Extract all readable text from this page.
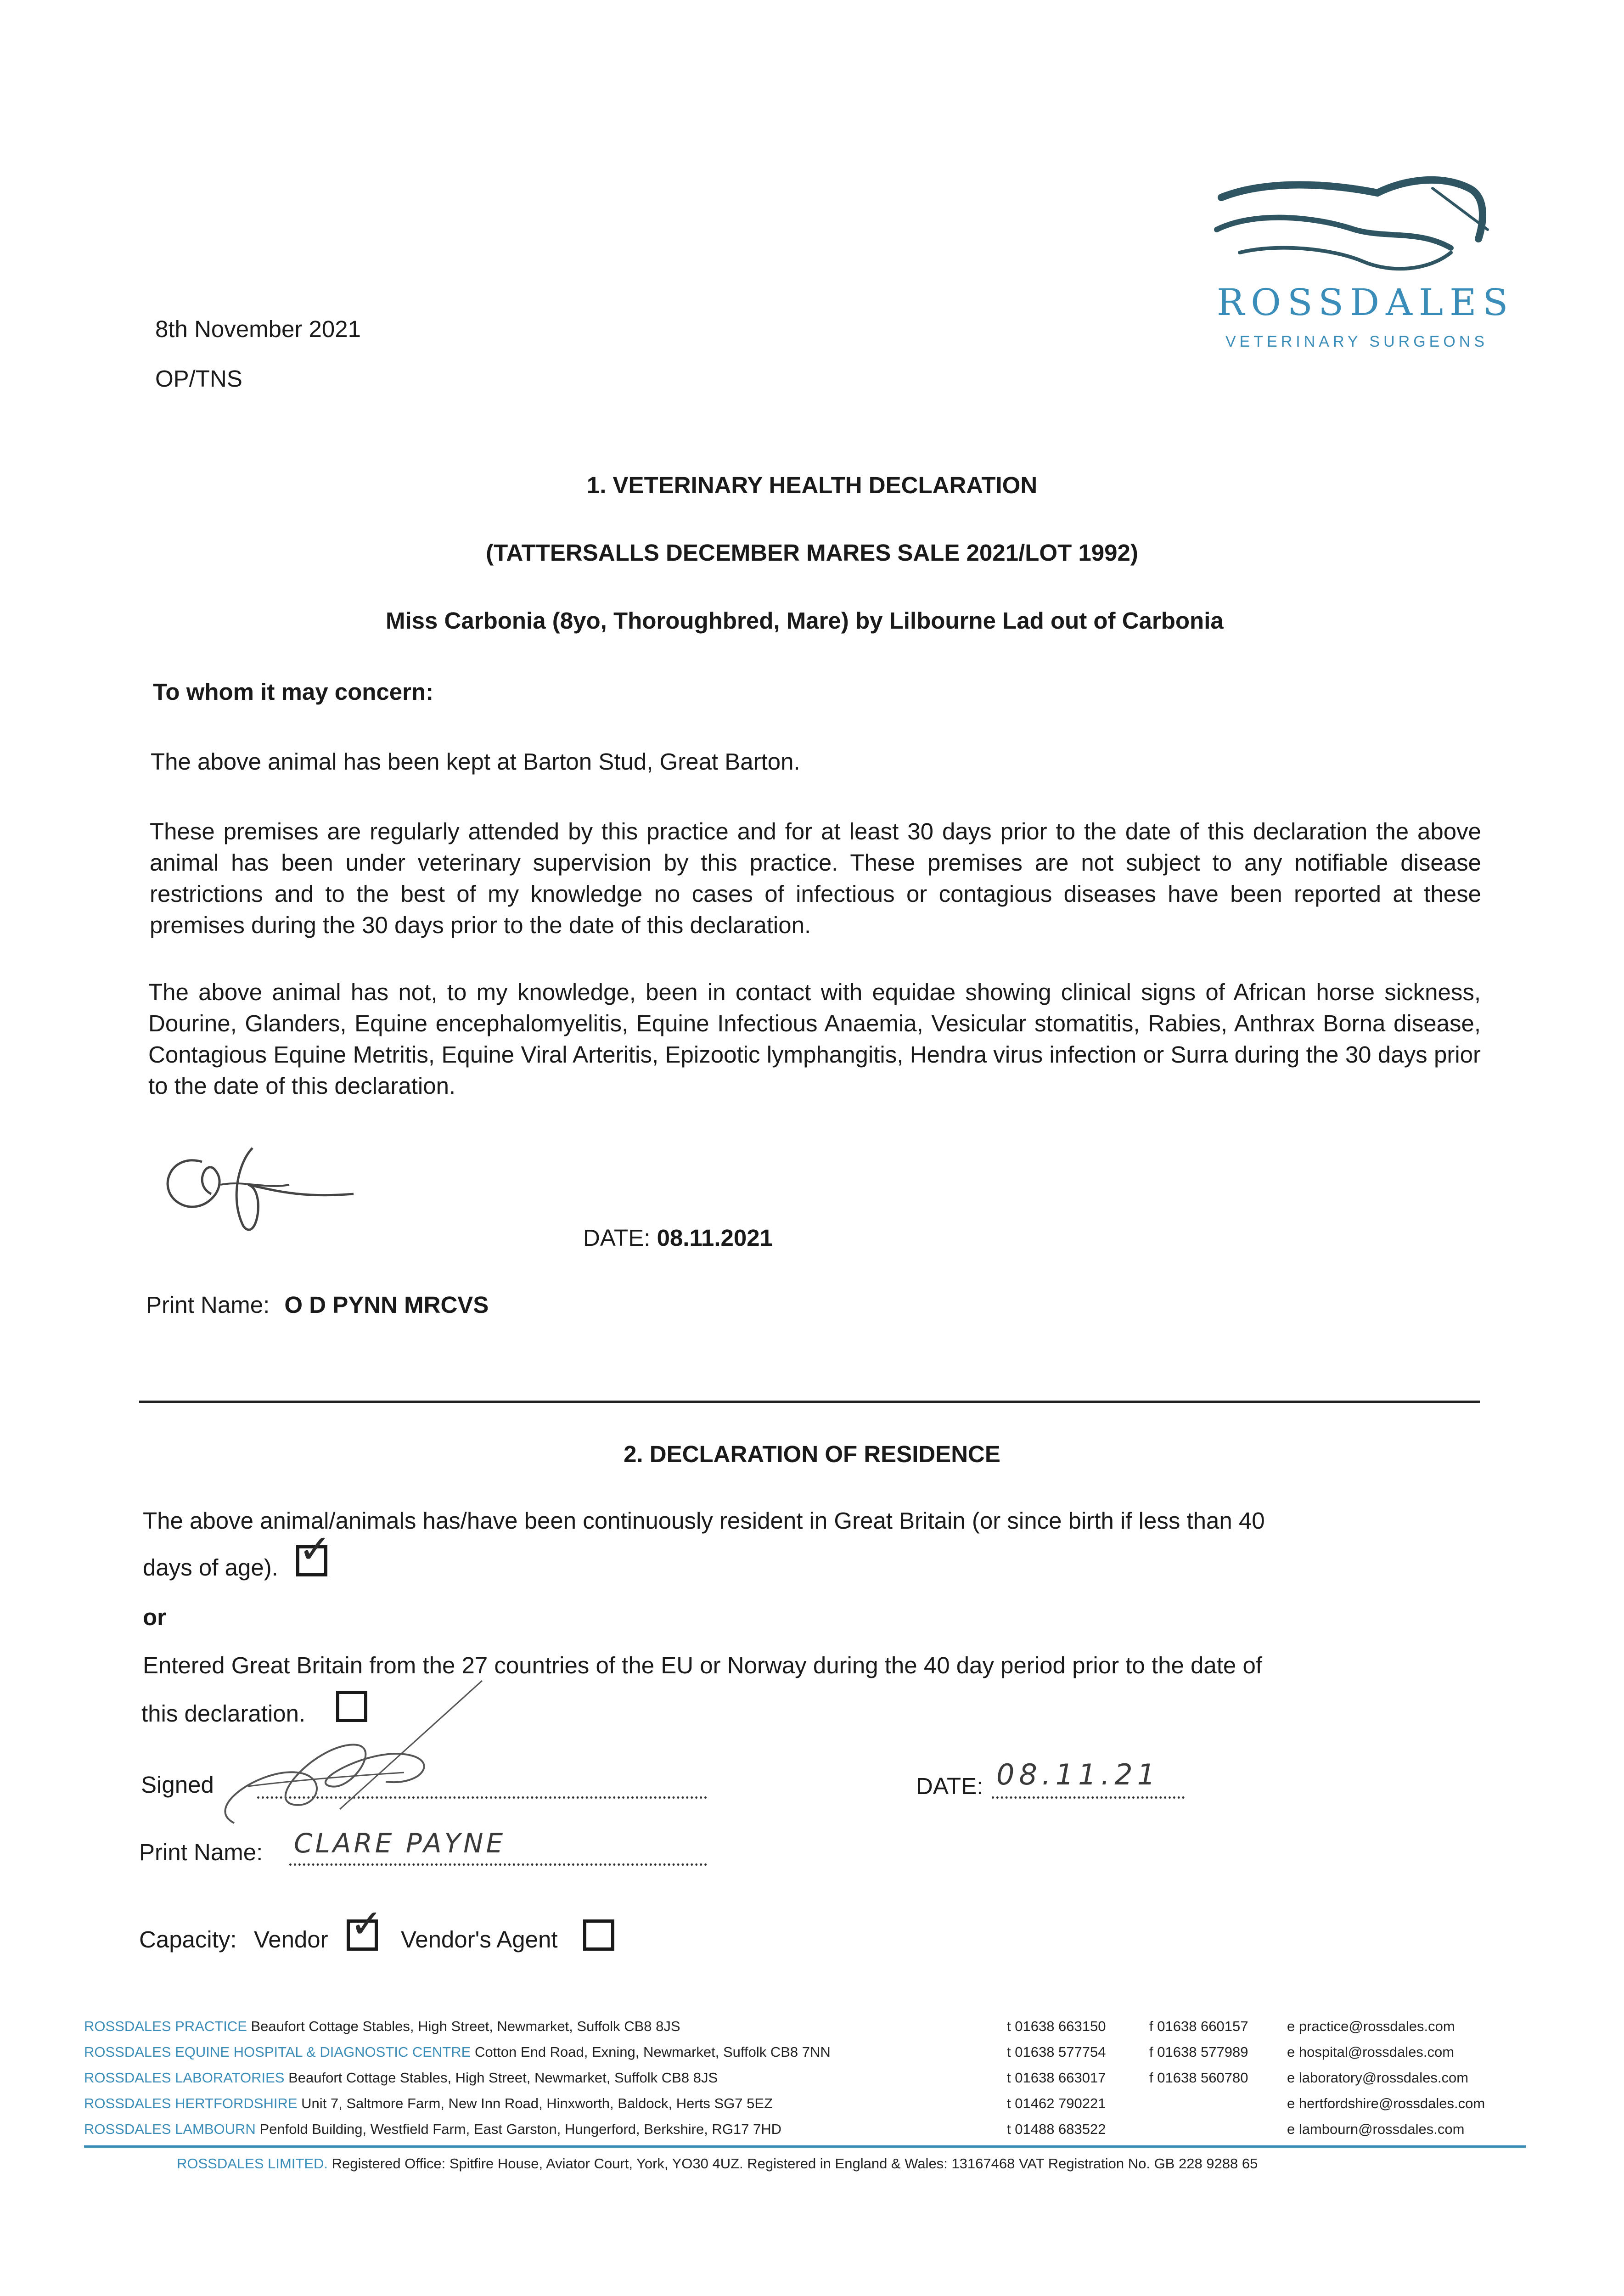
8th November 2021
OP/TNS
ROSSDALES
VETERINARY SURGEONS
1. VETERINARY HEALTH DECLARATION
(TATTERSALLS DECEMBER MARES SALE 2021/LOT 1992)
Miss Carbonia (8yo, Thoroughbred, Mare) by Lilbourne Lad out of Carbonia
To whom it may concern:
The above animal has been kept at Barton Stud, Great Barton.
These premises are regularly attended by this practice and for at least 30 days prior to the date of this declaration the above animal has been under veterinary supervision by this practice. These premises are not subject to any notifiable disease restrictions and to the best of my knowledge no cases of infectious or contagious diseases have been reported at these premises during the 30 days prior to the date of this declaration.
The above animal has not, to my knowledge, been in contact with equidae showing clinical signs of African horse sickness, Dourine, Glanders, Equine encephalomyelitis, Equine Infectious Anaemia, Vesicular stomatitis, Rabies, Anthrax Borna disease, Contagious Equine Metritis, Equine Viral Arteritis, Epizootic lymphangitis, Hendra virus infection or Surra during the 30 days prior to the date of this declaration.
DATE: 08.11.2021
Print Name: O D PYNN MRCVS
2. DECLARATION OF RESIDENCE
The above animal/animals has/have been continuously resident in Great Britain (or since birth if less than 40
days of age). ✓
or
Entered Great Britain from the 27 countries of the EU or Norway during the 40 day period prior to the date of
this declaration.
Signed	DATE: 08.11.21
Print Name: CLARE PAYNE
Capacity: Vendor ✓ Vendor's Agent
ROSSDALES PRACTICE Beaufort Cottage Stables, High Street, Newmarket, Suffolk CB8 8JS	t 01638 663150	f 01638 660157	e practice@rossdales.com
ROSSDALES EQUINE HOSPITAL & DIAGNOSTIC CENTRE Cotton End Road, Exning, Newmarket, Suffolk CB8 7NN	t 01638 577754	f 01638 577989	e hospital@rossdales.com
ROSSDALES LABORATORIES Beaufort Cottage Stables, High Street, Newmarket, Suffolk CB8 8JS	t 01638 663017	f 01638 560780	e laboratory@rossdales.com
ROSSDALES HERTFORDSHIRE Unit 7, Saltmore Farm, New Inn Road, Hinxworth, Baldock, Herts SG7 5EZ	t 01462 790221	e hertfordshire@rossdales.com
ROSSDALES LAMBOURN Penfold Building, Westfield Farm, East Garston, Hungerford, Berkshire, RG17 7HD	t 01488 683522	e lambourn@rossdales.com
ROSSDALES LIMITED. Registered Office: Spitfire House, Aviator Court, York, YO30 4UZ. Registered in England & Wales: 13167468 VAT Registration No. GB 228 9288 65
